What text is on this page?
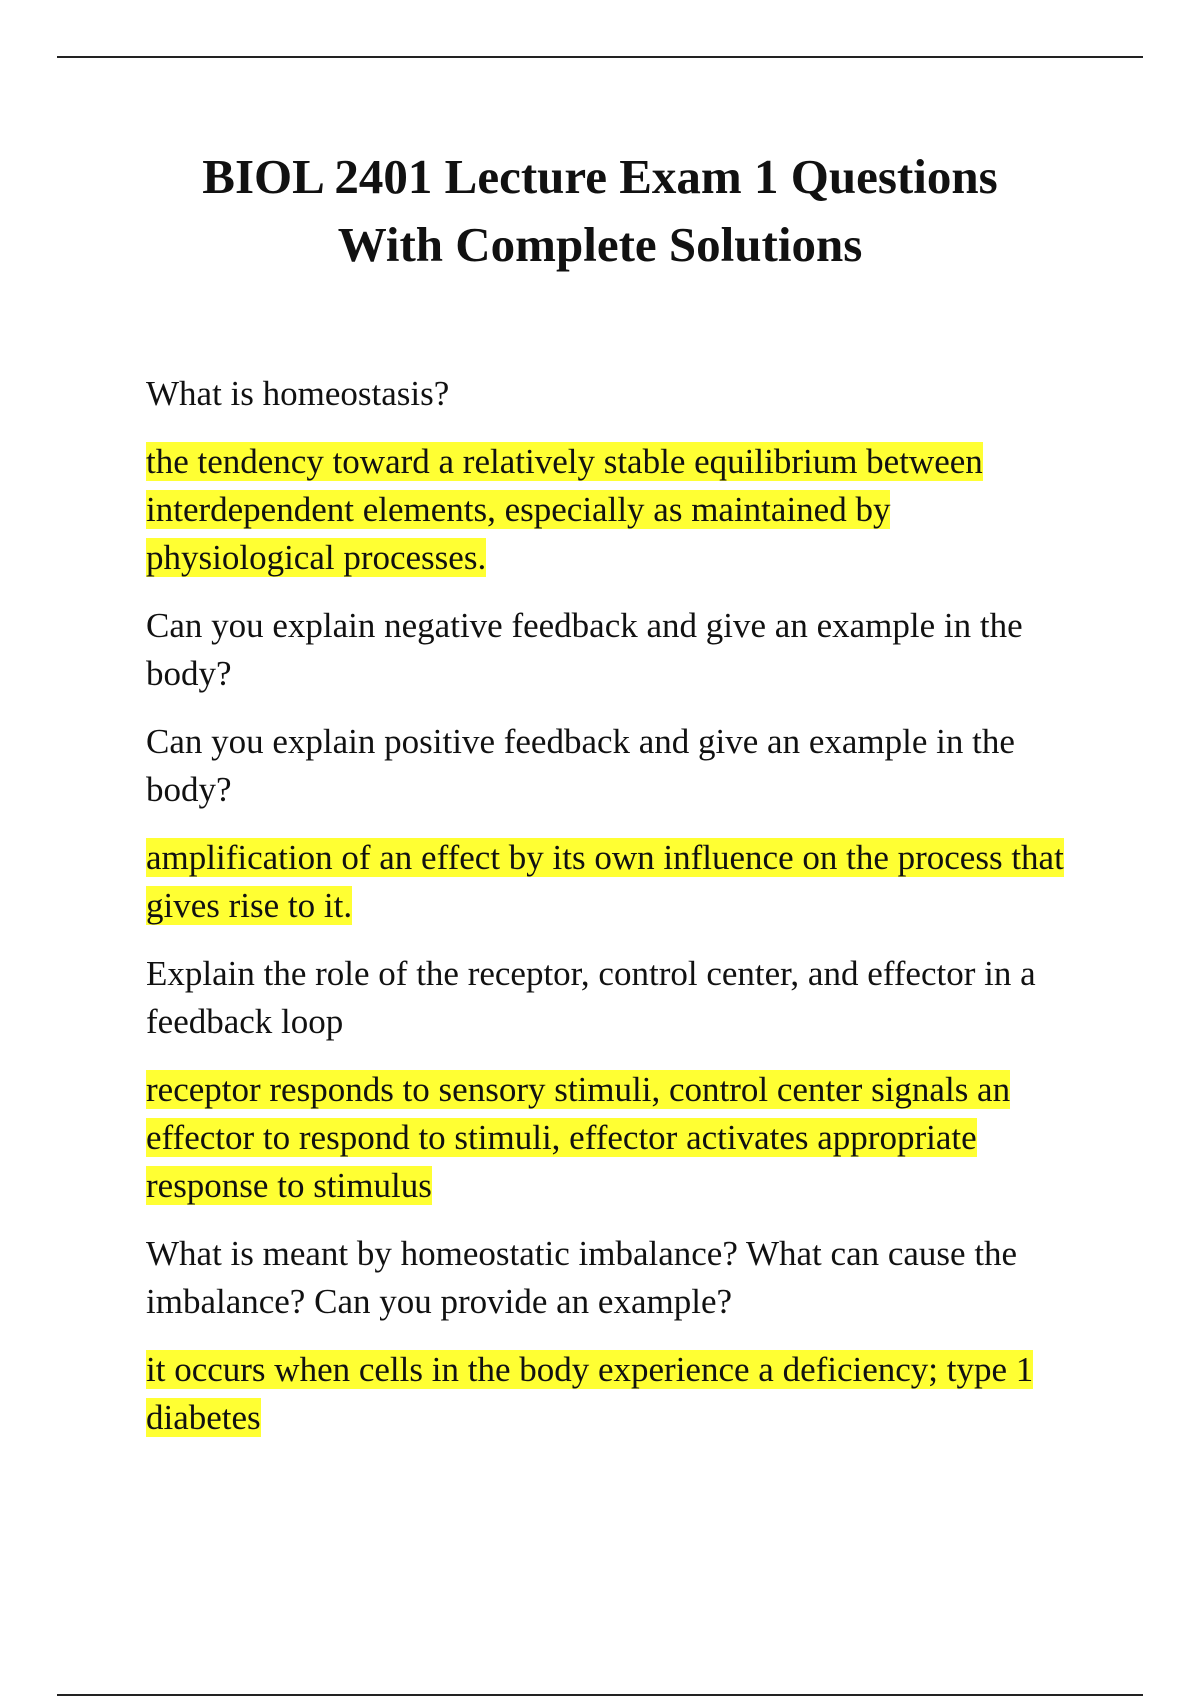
BIOL 2401 Lecture Exam 1 Questions
With Complete Solutions

What is homeostasis?

the tendency toward a relatively stable equilibrium between interdependent elements, especially as maintained by physiological processes.

Can you explain negative feedback and give an example in the body?

Can you explain positive feedback and give an example in the body?

amplification of an effect by its own influence on the process that gives rise to it.

Explain the role of the receptor, control center, and effector in a feedback loop

receptor responds to sensory stimuli, control center signals an effector to respond to stimuli, effector activates appropriate response to stimulus

What is meant by homeostatic imbalance? What can cause the imbalance? Can you provide an example?

it occurs when cells in the body experience a deficiency; type 1 diabetes
